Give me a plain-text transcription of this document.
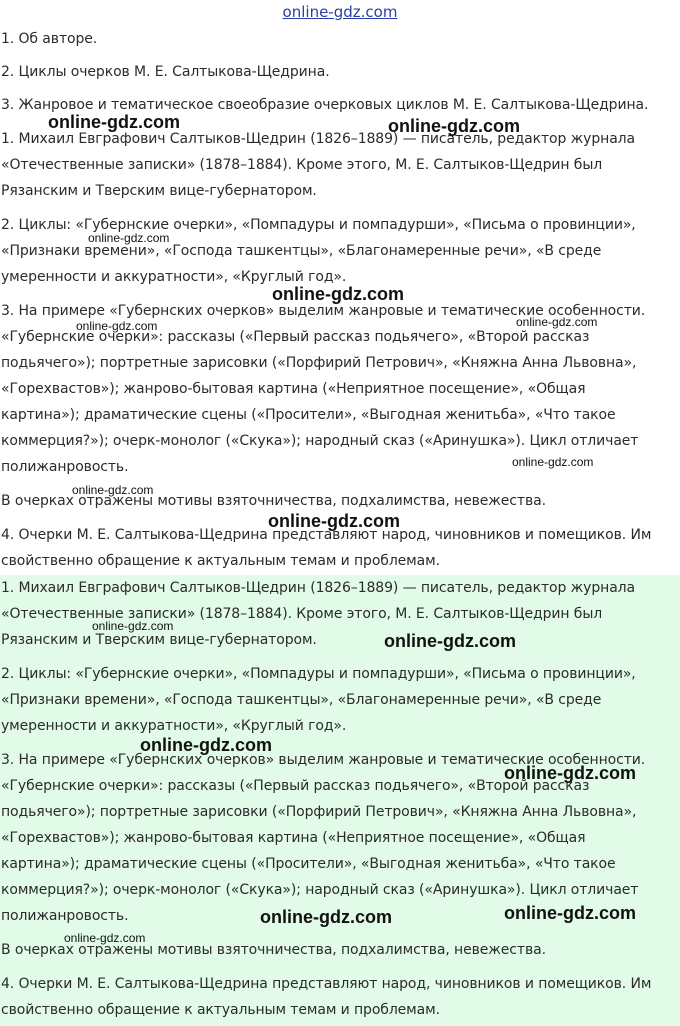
online-gdz.com

1. Об авторе.

2. Циклы очерков М. Е. Салтыкова-Щедрина.

3. Жанровое и тематическое своеобразие очерковых циклов М. Е. Салтыкова-Щедрина.

1. Михаил Евграфович Салтыков-Щедрин (1826–1889) — писатель, редактор журнала
«Отечественные записки» (1878–1884). Кроме этого, М. Е. Салтыков-Щедрин был
Рязанским и Тверским вице-губернатором.

2. Циклы: «Губернские очерки», «Помпадуры и помпадурши», «Письма о провинции»,
«Признаки времени», «Господа ташкентцы», «Благонамеренные речи», «В среде
умеренности и аккуратности», «Круглый год».

3. На примере «Губернских очерков» выделим жанровые и тематические особенности.
«Губернские очерки»: рассказы («Первый рассказ подьячего», «Второй рассказ
подьячего»); портретные зарисовки («Порфирий Петрович», «Княжна Анна Львовна»,
«Горехвастов»); жанрово-бытовая картина («Неприятное посещение», «Общая
картина»); драматические сцены («Просители», «Выгодная женитьба», «Что такое
коммерция?»); очерк-монолог («Скука»); народный сказ («Аринушка»). Цикл отличает
полижанровость.

В очерках отражены мотивы взяточничества, подхалимства, невежества.

4. Очерки М. Е. Салтыкова-Щедрина представляют народ, чиновников и помещиков. Им
свойственно обращение к актуальным темам и проблемам.

1. Михаил Евграфович Салтыков-Щедрин (1826–1889) — писатель, редактор журнала
«Отечественные записки» (1878–1884). Кроме этого, М. Е. Салтыков-Щедрин был
Рязанским и Тверским вице-губернатором.

2. Циклы: «Губернские очерки», «Помпадуры и помпадурши», «Письма о провинции»,
«Признаки времени», «Господа ташкентцы», «Благонамеренные речи», «В среде
умеренности и аккуратности», «Круглый год».

3. На примере «Губернских очерков» выделим жанровые и тематические особенности.
«Губернские очерки»: рассказы («Первый рассказ подьячего», «Второй рассказ
подьячего»); портретные зарисовки («Порфирий Петрович», «Княжна Анна Львовна»,
«Горехвастов»); жанрово-бытовая картина («Неприятное посещение», «Общая
картина»); драматические сцены («Просители», «Выгодная женитьба», «Что такое
коммерция?»); очерк-монолог («Скука»); народный сказ («Аринушка»). Цикл отличает
полижанровость.

В очерках отражены мотивы взяточничества, подхалимства, невежества.

4. Очерки М. Е. Салтыкова-Щедрина представляют народ, чиновников и помещиков. Им
свойственно обращение к актуальным темам и проблемам.

online-gdz.com	online-gdz.com
online-gdz.com
online-gdz.com
online-gdz.com	online-gdz.com
online-gdz.com
online-gdz.com
online-gdz.com
online-gdz.com
online-gdz.com
online-gdz.com
online-gdz.com
online-gdz.com	online-gdz.com
online-gdz.com
